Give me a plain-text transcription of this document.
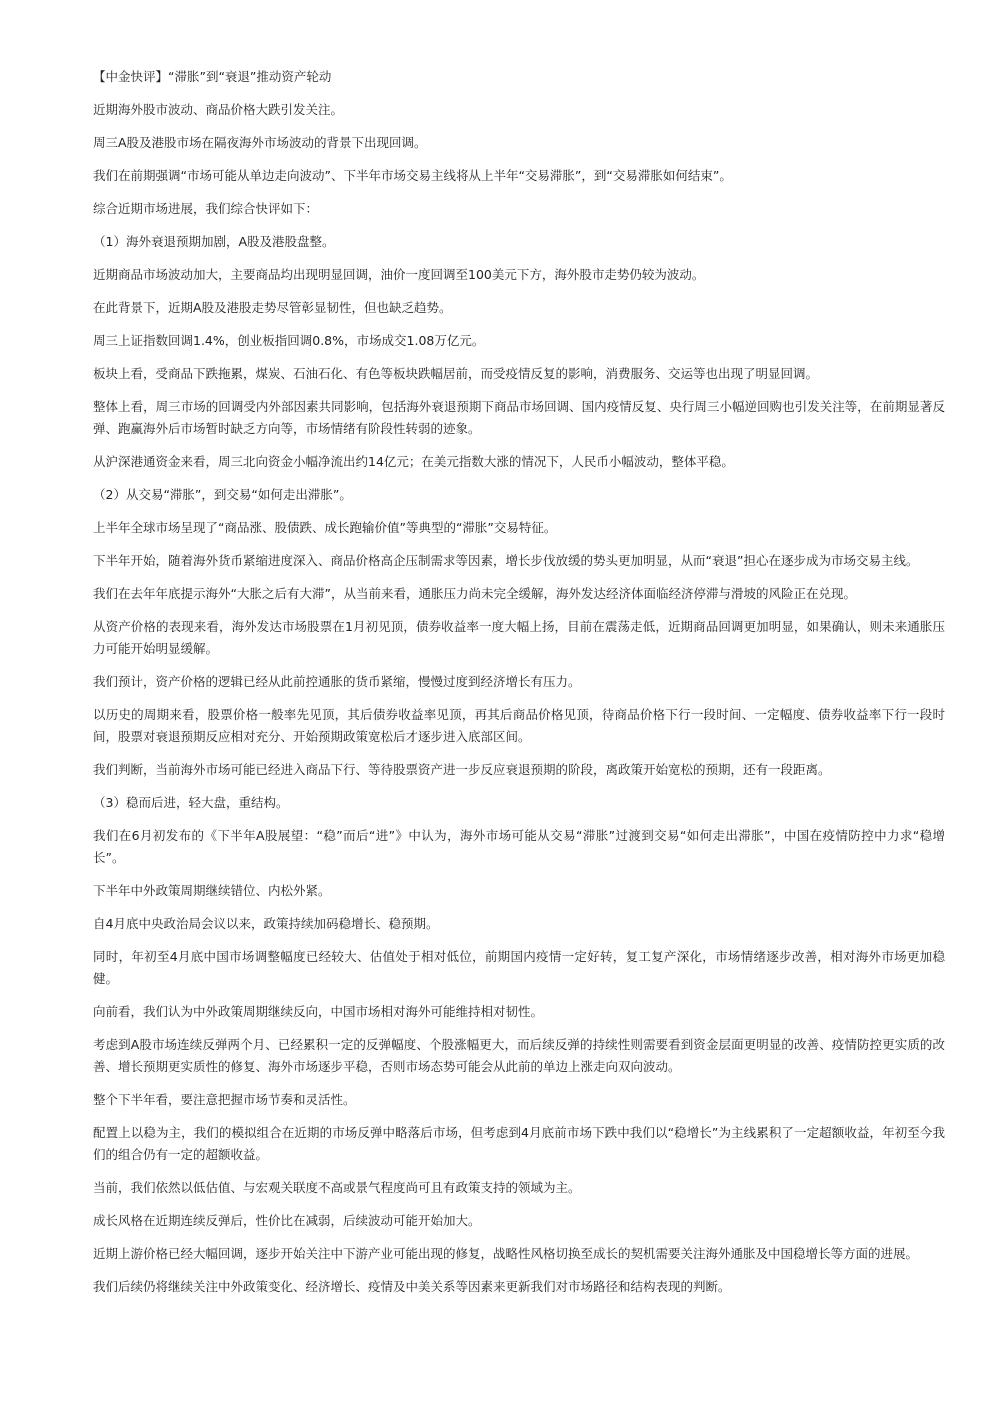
【中金快评】“滞胀”到“衰退”推动资产轮动

近期海外股市波动、商品价格大跌引发关注。

周三A股及港股市场在隔夜海外市场波动的背景下出现回调。

我们在前期强调“市场可能从单边走向波动”、下半年市场交易主线将从上半年“交易滞胀”，到“交易滞胀如何结束”。

综合近期市场进展，我们综合快评如下：

（1）海外衰退预期加剧，A股及港股盘整。

近期商品市场波动加大，主要商品均出现明显回调，油价一度回调至100美元下方，海外股市走势仍较为波动。

在此背景下，近期A股及港股走势尽管彰显韧性，但也缺乏趋势。

周三上证指数回调1.4%，创业板指回调0.8%，市场成交1.08万亿元。

板块上看，受商品下跌拖累，煤炭、石油石化、有色等板块跌幅居前，而受疫情反复的影响，消费服务、交运等也出现了明显回调。

整体上看，周三市场的回调受内外部因素共同影响，包括海外衰退预期下商品市场回调、国内疫情反复、央行周三小幅逆回购也引发关注等，在前期显著反弹、跑赢海外后市场暂时缺乏方向等，市场情绪有阶段性转弱的迹象。

从沪深港通资金来看，周三北向资金小幅净流出约14亿元；在美元指数大涨的情况下，人民币小幅波动，整体平稳。

（2）从交易“滞胀”，到交易“如何走出滞胀”。

上半年全球市场呈现了“商品涨、股债跌、成长跑输价值”等典型的“滞胀”交易特征。

下半年开始，随着海外货币紧缩进度深入、商品价格高企压制需求等因素，增长步伐放缓的势头更加明显，从而“衰退”担心在逐步成为市场交易主线。

我们在去年年底提示海外“大胀之后有大滞”，从当前来看，通胀压力尚未完全缓解，海外发达经济体面临经济停滞与滑坡的风险正在兑现。

从资产价格的表现来看，海外发达市场股票在1月初见顶，债券收益率一度大幅上扬，目前在震荡走低，近期商品回调更加明显，如果确认，则未来通胀压力可能开始明显缓解。

我们预计，资产价格的逻辑已经从此前控通胀的货币紧缩，慢慢过度到经济增长有压力。

以历史的周期来看，股票价格一般率先见顶，其后债券收益率见顶，再其后商品价格见顶，待商品价格下行一段时间、一定幅度、债券收益率下行一段时间，股票对衰退预期反应相对充分、开始预期政策宽松后才逐步进入底部区间。

我们判断，当前海外市场可能已经进入商品下行、等待股票资产进一步反应衰退预期的阶段，离政策开始宽松的预期，还有一段距离。

（3）稳而后进，轻大盘，重结构。

我们在6月初发布的《下半年A股展望：“稳”而后“进”》中认为，海外市场可能从交易“滞胀”过渡到交易“如何走出滞胀”，中国在疫情防控中力求“稳增长”。

下半年中外政策周期继续错位、内松外紧。

自4月底中央政治局会议以来，政策持续加码稳增长、稳预期。

同时，年初至4月底中国市场调整幅度已经较大、估值处于相对低位，前期国内疫情一定好转，复工复产深化，市场情绪逐步改善，相对海外市场更加稳健。

向前看，我们认为中外政策周期继续反向，中国市场相对海外可能维持相对韧性。

考虑到A股市场连续反弹两个月、已经累积一定的反弹幅度、个股涨幅更大，而后续反弹的持续性则需要看到资金层面更明显的改善、疫情防控更实质的改善、增长预期更实质性的修复、海外市场逐步平稳，否则市场态势可能会从此前的单边上涨走向双向波动。

整个下半年看，要注意把握市场节奏和灵活性。

配置上以稳为主，我们的模拟组合在近期的市场反弹中略落后市场，但考虑到4月底前市场下跌中我们以“稳增长”为主线累积了一定超额收益，年初至今我们的组合仍有一定的超额收益。

当前，我们依然以低估值、与宏观关联度不高或景气程度尚可且有政策支持的领域为主。

成长风格在近期连续反弹后，性价比在减弱，后续波动可能开始加大。

近期上游价格已经大幅回调，逐步开始关注中下游产业可能出现的修复，战略性风格切换至成长的契机需要关注海外通胀及中国稳增长等方面的进展。

我们后续仍将继续关注中外政策变化、经济增长、疫情及中美关系等因素来更新我们对市场路径和结构表现的判断。
